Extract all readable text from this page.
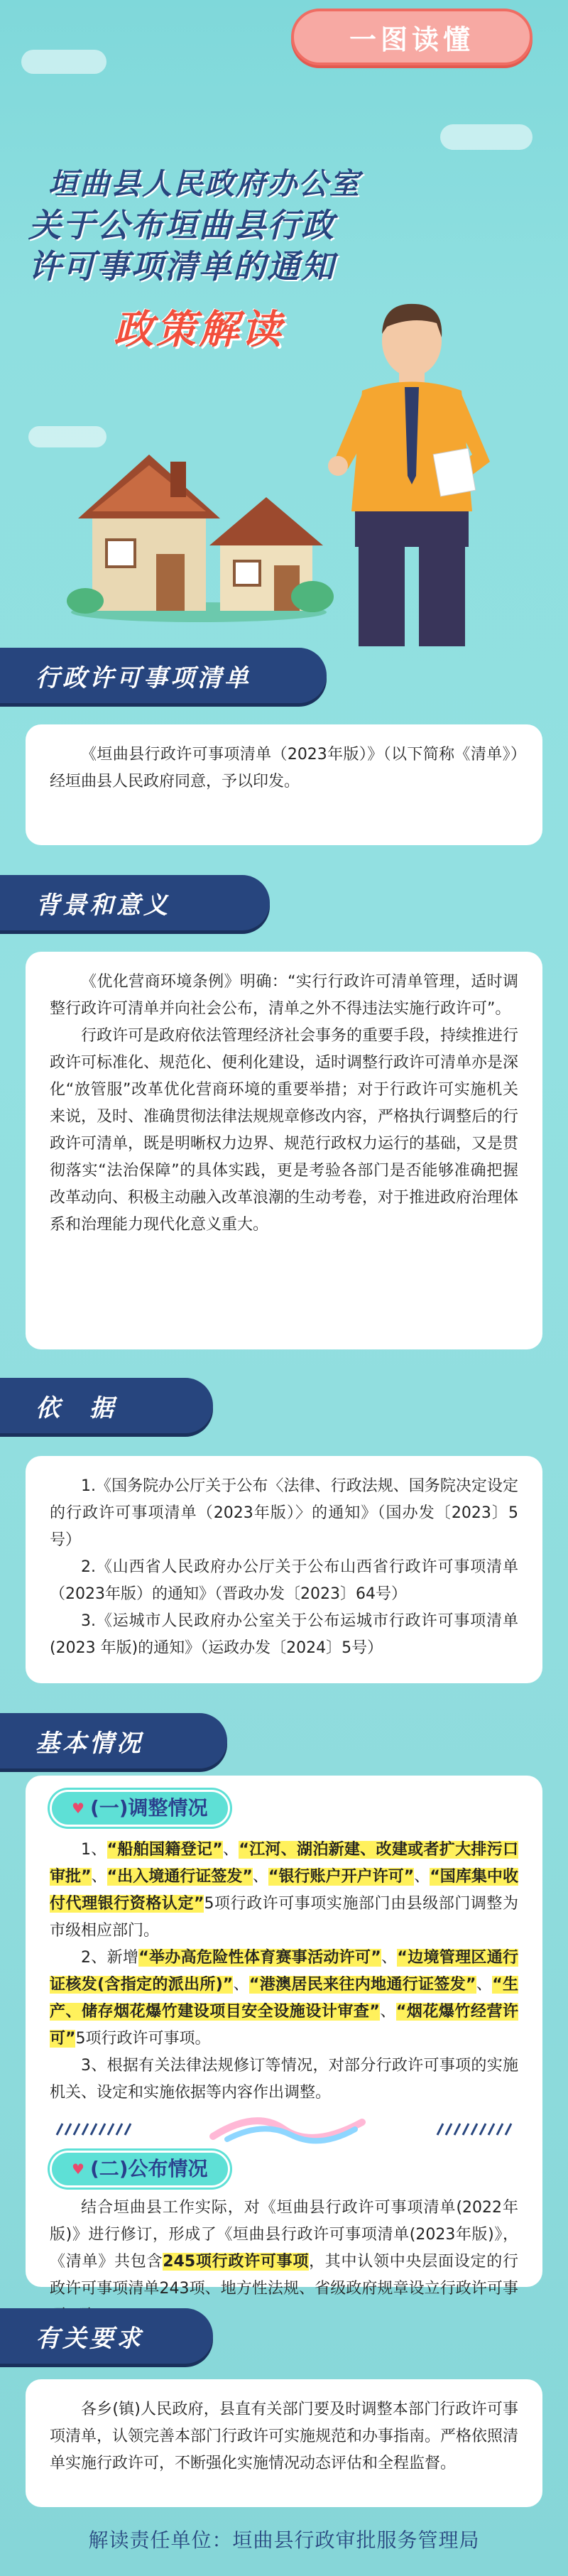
一图读懂
垣曲县人民政府办公室
关于公布垣曲县行政
许可事项清单的通知
政策解读
行政许可事项清单

《垣曲县行政许可事项清单（2023年版）》（以下简称《清单》）经垣曲县人民政府同意，予以印发。

背景和意义

《优化营商环境条例》明确：“实行行政许可清单管理，适时调整行政许可清单并向社会公布，清单之外不得违法实施行政许可”。

行政许可是政府依法管理经济社会事务的重要手段，持续推进行政许可标准化、规范化、便利化建设，适时调整行政许可清单亦是深化“放管服”改革优化营商环境的重要举措；对于行政许可实施机关来说，及时、准确贯彻法律法规规章修改内容，严格执行调整后的行政许可清单，既是明晰权力边界、规范行政权力运行的基础，又是贯彻落实“法治保障”的具体实践，更是考验各部门是否能够准确把握改革动向、积极主动融入改革浪潮的生动考卷，对于推进政府治理体系和治理能力现代化意义重大。

依　据

1.《国务院办公厅关于公布〈法律、行政法规、国务院决定设定的行政许可事项清单（2023年版）〉的通知》（国办发〔2023〕5号）

2.《山西省人民政府办公厅关于公布山西省行政许可事项清单（2023年版）的通知》（晋政办发〔2023〕64号）

3.《运城市人民政府办公室关于公布运城市行政许可事项清单(2023 年版)的通知》（运政办发〔2024〕5号）

基本情况
♥ (一)调整情况

1、“船舶国籍登记”、“江河、湖泊新建、改建或者扩大排污口审批”、“出入境通行证签发”、“银行账户开户许可”、“国库集中收付代理银行资格认定”5项行政许可事项实施部门由县级部门调整为市级相应部门。

2、新增“举办高危险性体育赛事活动许可”、“边境管理区通行证核发(含指定的派出所)”、“港澳居民来往内地通行证签发”、“生产、储存烟花爆竹建设项目安全设施设计审查”、“烟花爆竹经营许可”5项行政许可事项。

3、根据有关法律法规修订等情况，对部分行政许可事项的实施机关、设定和实施依据等内容作出调整。

♥ (二)公布情况

结合垣曲县工作实际，对《垣曲县行政许可事项清单(2022年版)》进行修订，形成了《垣曲县行政许可事项清单(2023年版)》，《清单》共包含245项行政许可事项，其中认领中央层面设定的行政许可事项清单243项、地方性法规、省级政府规章设立行政许可事

有关要求

各乡(镇)人民政府，县直有关部门要及时调整本部门行政许可事项清单，认领完善本部门行政许可实施规范和办事指南。严格依照清单实施行政许可，不断强化实施情况动态评估和全程监督。

解读责任单位：垣曲县行政审批服务管理局
